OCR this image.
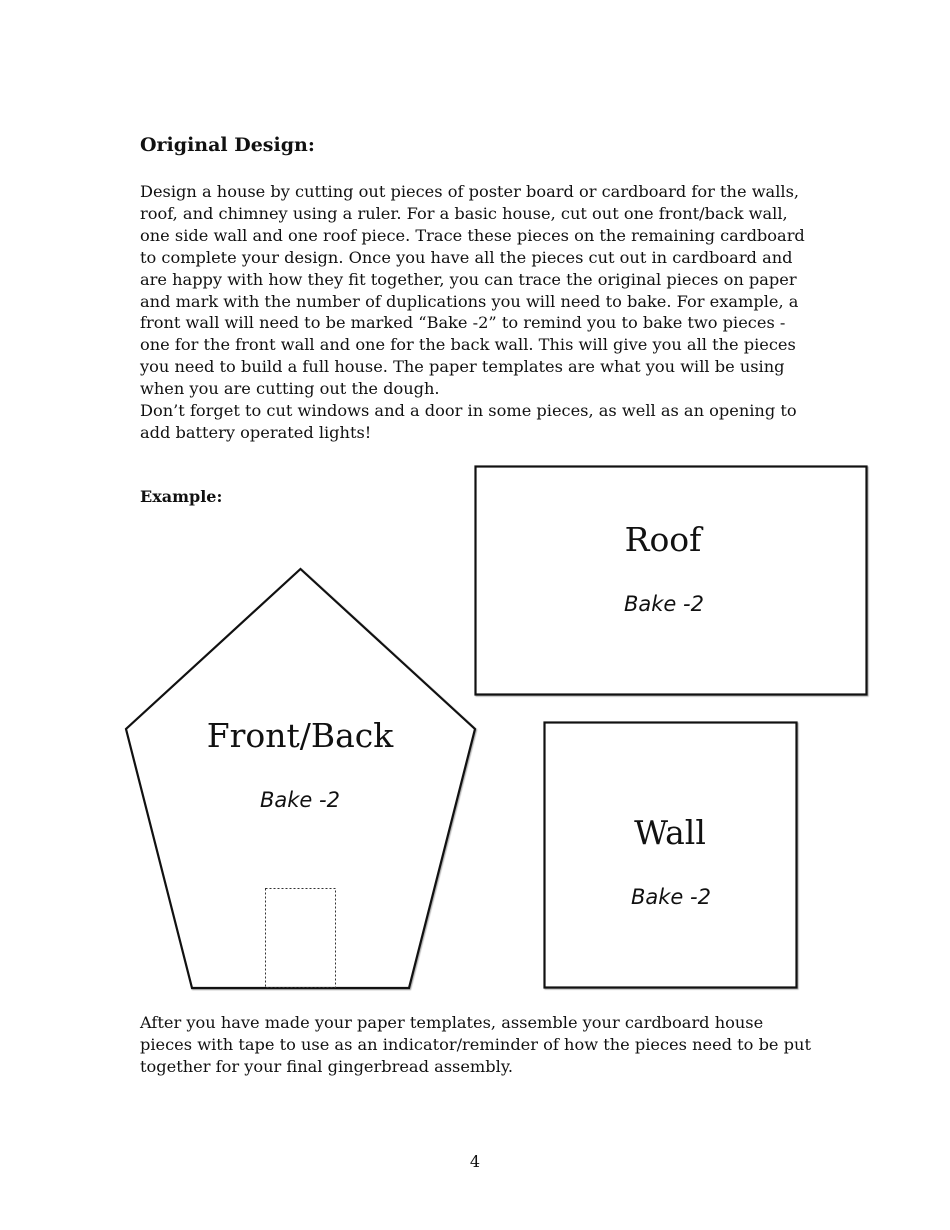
Original Design:

Design a house by cutting out pieces of poster board or cardboard for the walls, roof, and chimney using a ruler. For a basic house, cut out one front/back wall, one side wall and one roof piece. Trace these pieces on the remaining cardboard to complete your design. Once you have all the pieces cut out in cardboard and are happy with how they fit together, you can trace the original pieces on paper and mark with the number of duplications you will need to bake. For example, a front wall will need to be marked “Bake -2” to remind you to bake two pieces - one for the front wall and one for the back wall. This will give you all the pieces you need to build a full house. The paper templates are what you will be using when you are cutting out the dough.

Don’t forget to cut windows and a door in some pieces, as well as an opening to add battery operated lights!

Example:

Roof
Bake -2
Front/Back
Bake -2
Wall
Bake -2

After you have made your paper templates, assemble your cardboard house pieces with tape to use as an indicator/reminder of how the pieces need to be put together for your final gingerbread assembly.

4
